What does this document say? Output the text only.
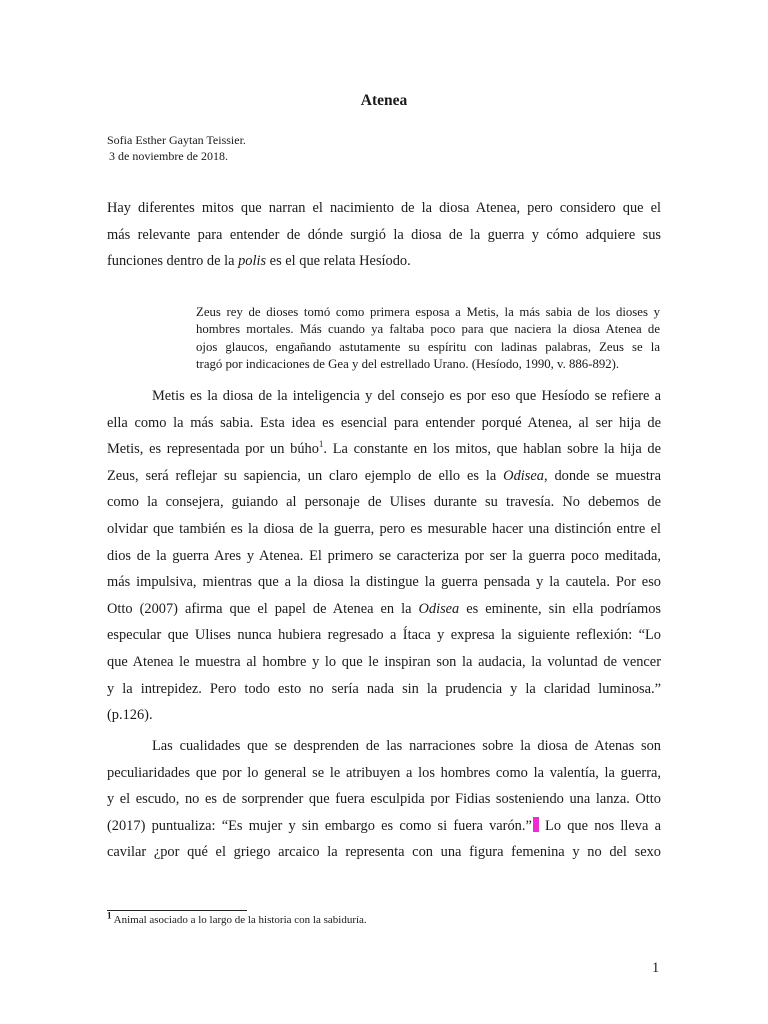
Atenea
Sofia Esther Gaytan Teissier.
3 de noviembre de 2018.
Hay diferentes mitos que narran el nacimiento de la diosa Atenea, pero considero que el
más relevante para entender de dónde surgió la diosa de la guerra y cómo adquiere sus
funciones dentro de la polis es el que relata Hesíodo.
Zeus rey de dioses tomó como primera esposa a Metis, la más sabia de los dioses y
hombres mortales. Más cuando ya faltaba poco para que naciera la diosa Atenea de
ojos glaucos, engañando astutamente su espíritu con ladinas palabras, Zeus se la
tragó por indicaciones de Gea y del estrellado Urano. (Hesíodo, 1990, v. 886-892).
Metis es la diosa de la inteligencia y del consejo es por eso que Hesíodo se refiere a
ella como la más sabia. Esta idea es esencial para entender porqué Atenea, al ser hija de
Metis, es representada por un búho$^1$. La constante en los mitos, que hablan sobre la hija de
Zeus, será reflejar su sapiencia, un claro ejemplo de ello es la Odisea, donde se muestra
como la consejera, guiando al personaje de Ulises durante su travesía. No debemos de
olvidar que también es la diosa de la guerra, pero es mesurable hacer una distinción entre el
dios de la guerra Ares y Atenea. El primero se caracteriza por ser la guerra poco meditada,
más impulsiva, mientras que a la diosa la distingue la guerra pensada y la cautela. Por eso
Otto (2007) afirma que el papel de Atenea en la Odisea es eminente, sin ella podríamos
especular que Ulises nunca hubiera regresado a Ítaca y expresa la siguiente reflexión: “Lo
que Atenea le muestra al hombre y lo que le inspiran son la audacia, la voluntad de vencer
y la intrepidez. Pero todo esto no sería nada sin la prudencia y la claridad luminosa.”
(p.126).
Las cualidades que se desprenden de las narraciones sobre la diosa de Atenas son
peculiaridades que por lo general se le atribuyen a los hombres como la valentía, la guerra,
y el escudo, no es de sorprender que fuera esculpida por Fidias sosteniendo una lanza. Otto
(2017) puntualiza: “Es mujer y sin embargo es como si fuera varón.” Lo que nos lleva a
cavilar ¿por qué el griego arcaico la representa con una figura femenina y no del sexo
$^1$ Animal asociado a lo largo de la historia con la sabiduría.
1
